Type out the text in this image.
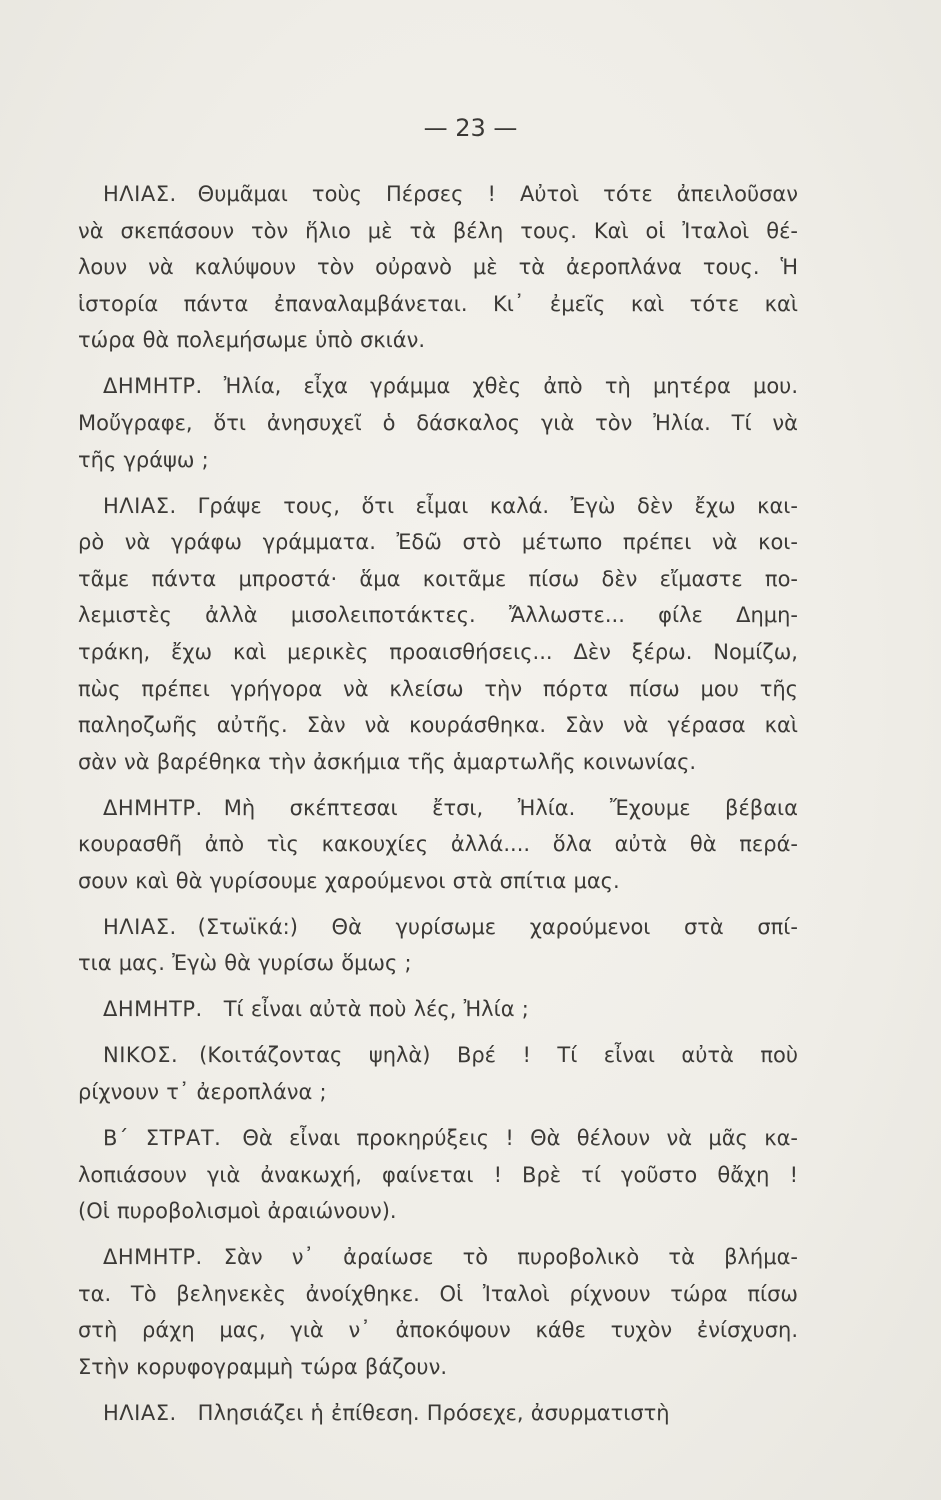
— 23 —
ΗΛΙΑΣ.  Θυμᾶμαι τοὺς Πέρσες ! Αὐτοὶ τότε ἀπειλοῦσαν
νὰ σκεπάσουν τὸν ἥλιο μὲ τὰ βέλη τους. Καὶ οἱ Ἰταλοὶ θέ-
λουν νὰ καλύψουν τὸν οὐρανὸ μὲ τὰ ἀεροπλάνα τους. Ἡ
ἱστορία πάντα ἐπαναλαμβάνεται. Κι᾽ ἐμεῖς καὶ τότε καὶ
τώρα θὰ πολεμήσωμε ὑπὸ σκιάν.
ΔΗΜΗΤΡ.  Ἠλία, εἶχα γράμμα χθὲς ἀπὸ τὴ μητέρα μου.
Μοὔγραφε, ὅτι ἀνησυχεῖ ὁ δάσκαλος γιὰ τὸν Ἠλία. Τί νὰ
τῆς γράψω ;
ΗΛΙΑΣ.  Γράψε τους, ὅτι εἶμαι καλά. Ἐγὼ δὲν ἔχω και-
ρὸ νὰ γράφω γράμματα. Ἐδῶ στὸ μέτωπο πρέπει νὰ κοι-
τᾶμε πάντα μπροστά· ἅμα κοιτᾶμε πίσω δὲν εἴμαστε πο-
λεμιστὲς ἀλλὰ μισολειποτάκτες. Ἄλλωστε... φίλε Δημη-
τράκη, ἔχω καὶ μερικὲς προαισθήσεις... Δὲν ξέρω. Νομίζω,
πὼς πρέπει γρήγορα νὰ κλείσω τὴν πόρτα πίσω μου τῆς
παληοζωῆς αὐτῆς. Σὰν νὰ κουράσθηκα. Σὰν νὰ γέρασα καὶ
σὰν νὰ βαρέθηκα τὴν ἀσκήμια τῆς ἁμαρτωλῆς κοινωνίας.
ΔΗΜΗΤΡ.  Μὴ σκέπτεσαι ἔτσι, Ἠλία. Ἔχουμε βέβαια
κουρασθῆ ἀπὸ τὶς κακουχίες ἀλλά.... ὅλα αὐτὰ θὰ περά-
σουν καὶ θὰ γυρίσουμε χαρούμενοι στὰ σπίτια μας.
ΗΛΙΑΣ.  (Στωϊκά:) Θὰ γυρίσωμε χαρούμενοι στὰ σπί-
τια μας. Ἐγὼ θὰ γυρίσω ὅμως ;
ΔΗΜΗΤΡ.  Τί εἶναι αὐτὰ ποὺ λές, Ἠλία ;
ΝΙΚΟΣ.  (Κοιτάζοντας ψηλὰ) Βρέ ! Τί εἶναι αὐτὰ ποὺ
ρίχνουν τ᾽ ἀεροπλάνα ;
Β´ ΣΤΡΑΤ.  Θὰ εἶναι προκηρύξεις ! Θὰ θέλουν νὰ μᾶς κα-
λοπιάσουν γιὰ ἀνακωχή, φαίνεται ! Βρὲ τί γοῦστο θἄχη !
(Οἱ πυροβολισμοὶ ἀραιώνουν).
ΔΗΜΗΤΡ.  Σὰν ν᾽ ἀραίωσε τὸ πυροβολικὸ τὰ βλήμα-
τα. Τὸ βεληνεκὲς ἀνοίχθηκε. Οἱ Ἰταλοὶ ρίχνουν τώρα πίσω
στὴ ράχη μας, γιὰ ν᾽ ἀποκόψουν κάθε τυχὸν ἐνίσχυση.
Στὴν κορυφογραμμὴ τώρα βάζουν.
ΗΛΙΑΣ.  Πλησιάζει ἡ ἐπίθεση. Πρόσεχε, ἀσυρματιστὴ
